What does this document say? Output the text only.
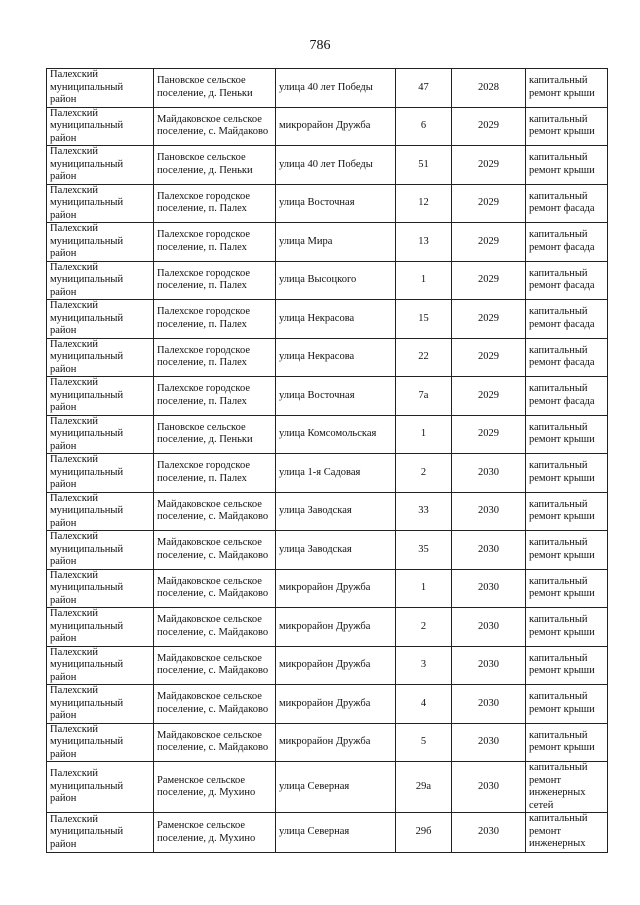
786
Палехский муниципальный район	Пановское сельское поселение, д. Пеньки	улица 40 лет Победы	47	2028	капитальный ремонт крыши
Палехский муниципальный район	Майдаковское сельское поселение, с. Майдаково	микрорайон Дружба	6	2029	капитальный ремонт крыши
Палехский муниципальный район	Пановское сельское поселение, д. Пеньки	улица 40 лет Победы	51	2029	капитальный ремонт крыши
Палехский муниципальный район	Палехское городское поселение, п. Палех	улица Восточная	12	2029	капитальный ремонт фасада
Палехский муниципальный район	Палехское городское поселение, п. Палех	улица Мира	13	2029	капитальный ремонт фасада
Палехский муниципальный район	Палехское городское поселение, п. Палех	улица Высоцкого	1	2029	капитальный ремонт фасада
Палехский муниципальный район	Палехское городское поселение, п. Палех	улица Некрасова	15	2029	капитальный ремонт фасада
Палехский муниципальный район	Палехское городское поселение, п. Палех	улица Некрасова	22	2029	капитальный ремонт фасада
Палехский муниципальный район	Палехское городское поселение, п. Палех	улица Восточная	7а	2029	капитальный ремонт фасада
Палехский муниципальный район	Пановское сельское поселение, д. Пеньки	улица Комсомольская	1	2029	капитальный ремонт крыши
Палехский муниципальный район	Палехское городское поселение, п. Палех	улица 1-я Садовая	2	2030	капитальный ремонт крыши
Палехский муниципальный район	Майдаковское сельское поселение, с. Майдаково	улица Заводская	33	2030	капитальный ремонт крыши
Палехский муниципальный район	Майдаковское сельское поселение, с. Майдаково	улица Заводская	35	2030	капитальный ремонт крыши
Палехский муниципальный район	Майдаковское сельское поселение, с. Майдаково	микрорайон Дружба	1	2030	капитальный ремонт крыши
Палехский муниципальный район	Майдаковское сельское поселение, с. Майдаково	микрорайон Дружба	2	2030	капитальный ремонт крыши
Палехский муниципальный район	Майдаковское сельское поселение, с. Майдаково	микрорайон Дружба	3	2030	капитальный ремонт крыши
Палехский муниципальный район	Майдаковское сельское поселение, с. Майдаково	микрорайон Дружба	4	2030	капитальный ремонт крыши
Палехский муниципальный район	Майдаковское сельское поселение, с. Майдаково	микрорайон Дружба	5	2030	капитальный ремонт крыши
Палехский муниципальный район	Раменское сельское поселение, д. Мухино	улица Северная	29а	2030	капитальный ремонт инженерных сетей
Палехский муниципальный район	Раменское сельское поселение, д. Мухино	улица Северная	29б	2030	капитальный ремонт инженерных
